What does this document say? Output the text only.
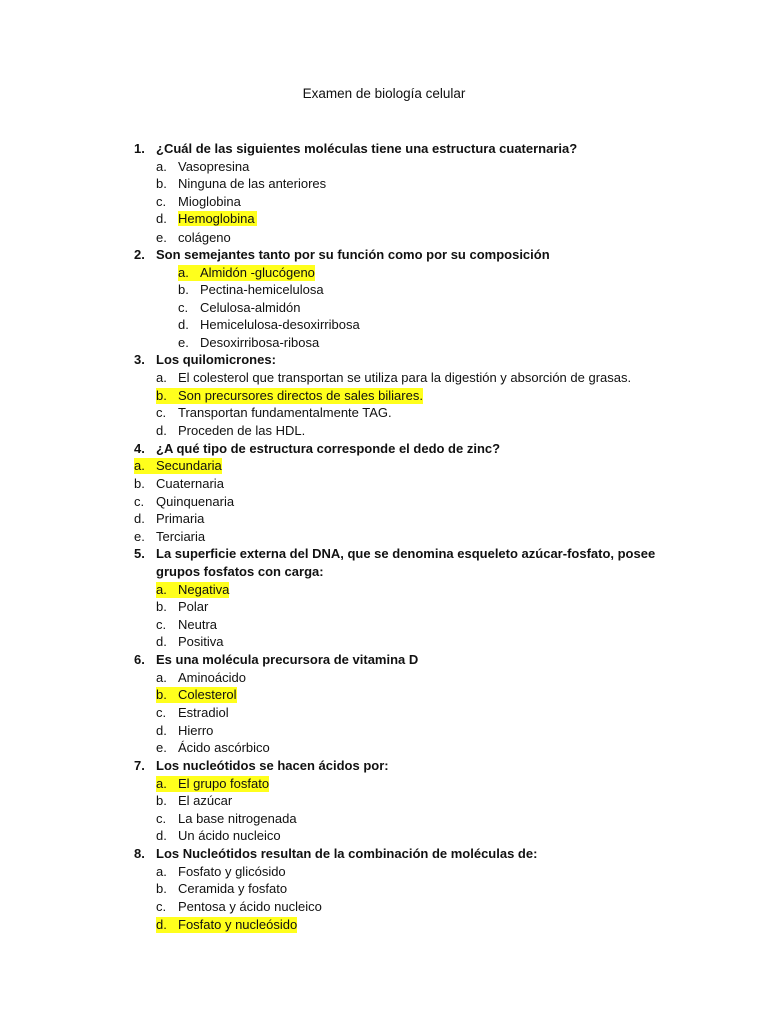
Examen de biología celular
1. ¿Cuál de las siguientes moléculas tiene una estructura cuaternaria?
a. Vasopresina
b. Ninguna de las anteriores
c. Mioglobina
d. Hemoglobina
e. colágeno
2. Son semejantes tanto por su función como por su composición
a. Almidón -glucógeno
b. Pectina-hemicelulosa
c. Celulosa-almidón
d. Hemicelulosa-desoxirribosa
e. Desoxirribosa-ribosa
3. Los quilomicrones:
a. El colesterol que transportan se utiliza para la digestión y absorción de grasas.
b. Son precursores directos de sales biliares.
c. Transportan fundamentalmente TAG.
d. Proceden de las HDL.
4. ¿A qué tipo de estructura corresponde el dedo de zinc?
a. Secundaria
b. Cuaternaria
c. Quinquenaria
d. Primaria
e. Terciaria
5. La superficie externa del DNA, que se denomina esqueleto azúcar-fosfato, posee
grupos fosfatos con carga:
a. Negativa
b. Polar
c. Neutra
d. Positiva
6. Es una molécula precursora de vitamina D
a. Aminoácido
b. Colesterol
c. Estradiol
d. Hierro
e. Ácido ascórbico
7. Los nucleótidos se hacen ácidos por:
a. El grupo fosfato
b. El azúcar
c. La base nitrogenada
d. Un ácido nucleico
8. Los Nucleótidos resultan de la combinación de moléculas de:
a. Fosfato y glicósido
b. Ceramida y fosfato
c. Pentosa y ácido nucleico
d. Fosfato y nucleósido
